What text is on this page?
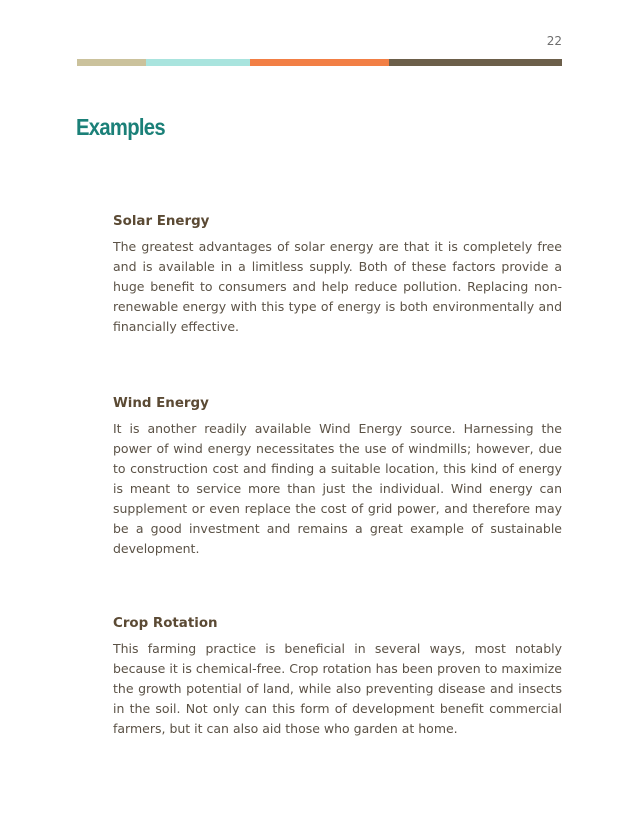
22
Examples
Solar Energy

The greatest advantages of solar energy are that it is completely free and is available in a limitless supply. Both of these factors provide a huge benefit to consumers and help reduce pollution. Replacing non-renewable energy with this type of energy is both environmentally and financially effective.

Wind Energy

It is another readily available Wind Energy source. Harnessing the power of wind energy necessitates the use of windmills; however, due to construction cost and finding a suitable location, this kind of energy is meant to service more than just the individual. Wind energy can supplement or even replace the cost of grid power, and therefore may be a good investment and remains a great example of sustainable development.

Crop Rotation

This farming practice is beneficial in several ways, most notably because it is chemical-free. Crop rotation has been proven to maximize the growth potential of land, while also preventing disease and insects in the soil. Not only can this form of development benefit commercial farmers, but it can also aid those who garden at home.
